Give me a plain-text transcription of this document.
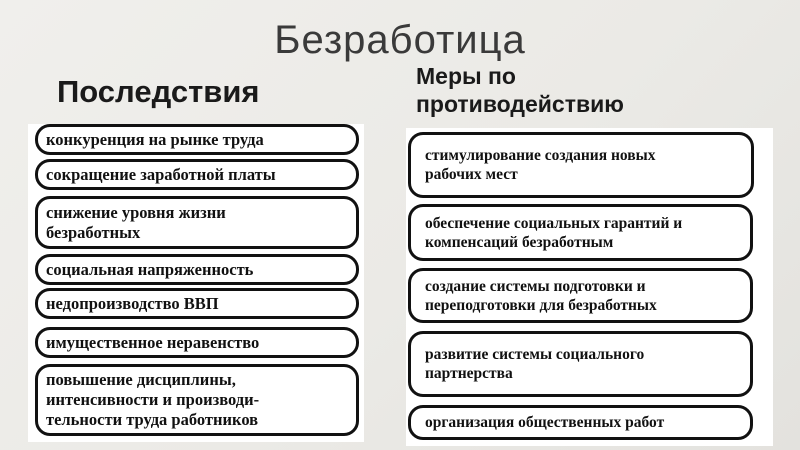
Безработица
Последствия	Меры по
противодействию
конкуренция на рынке труда
сокращение заработной платы
снижение уровня жизни
безработных
социальная напряженность
недопроизводство ВВП
имущественное неравенство
повышение дисциплины,
интенсивности и производи-
тельности труда работников
стимулирование создания новых
рабочих мест
обеспечение социальных гарантий и
компенсаций безработным
создание системы подготовки и
переподготовки для безработных
развитие системы социального
партнерства
организация общественных работ
